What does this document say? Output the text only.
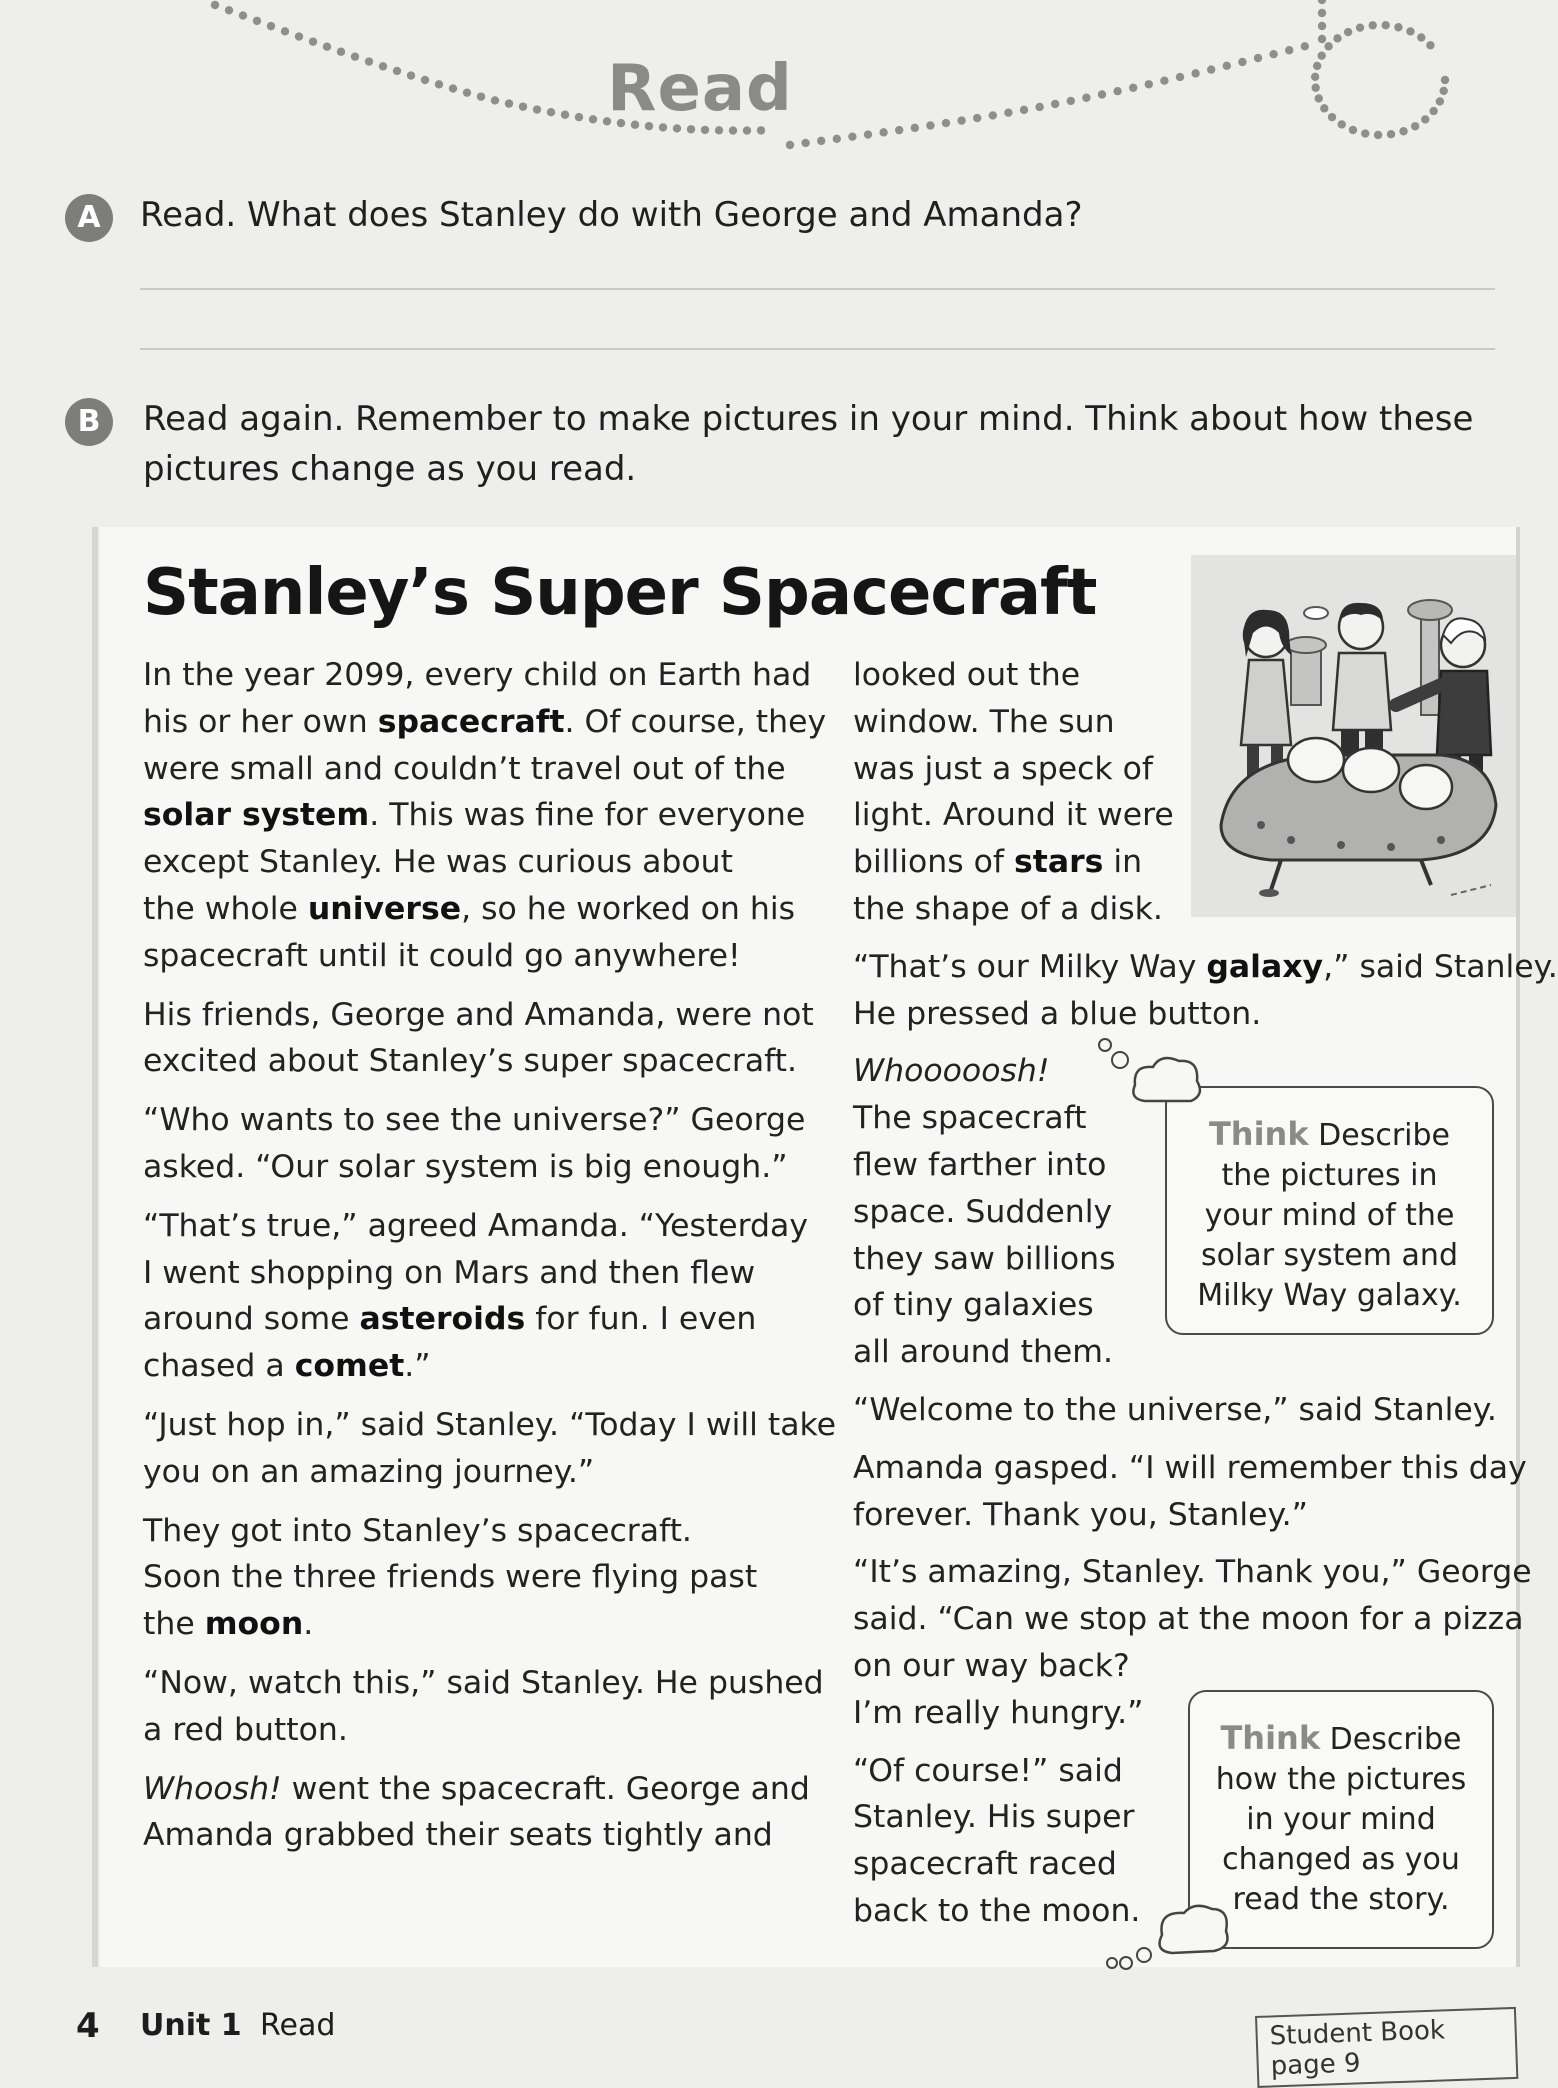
Read
A	Read. What does Stanley do with George and Amanda?
B	Read again. Remember to make pictures in your mind. Think about how these
pictures change as you read.
Stanley’s Super Spacecraft
In the year 2099, every child on Earth had
his or her own spacecraft. Of course, they
were small and couldn’t travel out of the
solar system. This was fine for everyone
except Stanley. He was curious about
the whole universe, so he worked on his
spacecraft until it could go anywhere!
His friends, George and Amanda, were not
excited about Stanley’s super spacecraft.
“Who wants to see the universe?” George
asked. “Our solar system is big enough.”
“That’s true,” agreed Amanda. “Yesterday
I went shopping on Mars and then flew
around some asteroids for fun. I even
chased a comet.”
“Just hop in,” said Stanley. “Today I will take
you on an amazing journey.”
They got into Stanley’s spacecraft.
Soon the three friends were flying past
the moon.
“Now, watch this,” said Stanley. He pushed
a red button.
Whoosh! went the spacecraft. George and
Amanda grabbed their seats tightly and
looked out the
window. The sun
was just a speck of
light. Around it were
billions of stars in
the shape of a disk.
“That’s our Milky Way galaxy,” said Stanley.
He pressed a blue button.
Whooooosh!
The spacecraft
flew farther into
space. Suddenly
they saw billions
of tiny galaxies
all around them.
“Welcome to the universe,” said Stanley.
Amanda gasped. “I will remember this day
forever. Thank you, Stanley.”
“It’s amazing, Stanley. Thank you,” George
said. “Can we stop at the moon for a pizza
on our way back?
I’m really hungry.”
“Of course!” said
Stanley. His super
spacecraft raced
back to the moon.
Think Describe
the pictures in
your mind of the
solar system and
Milky Way galaxy.
Think Describe
how the pictures
in your mind
changed as you
read the story.
4 Unit 1 Read	Student Book page 9
